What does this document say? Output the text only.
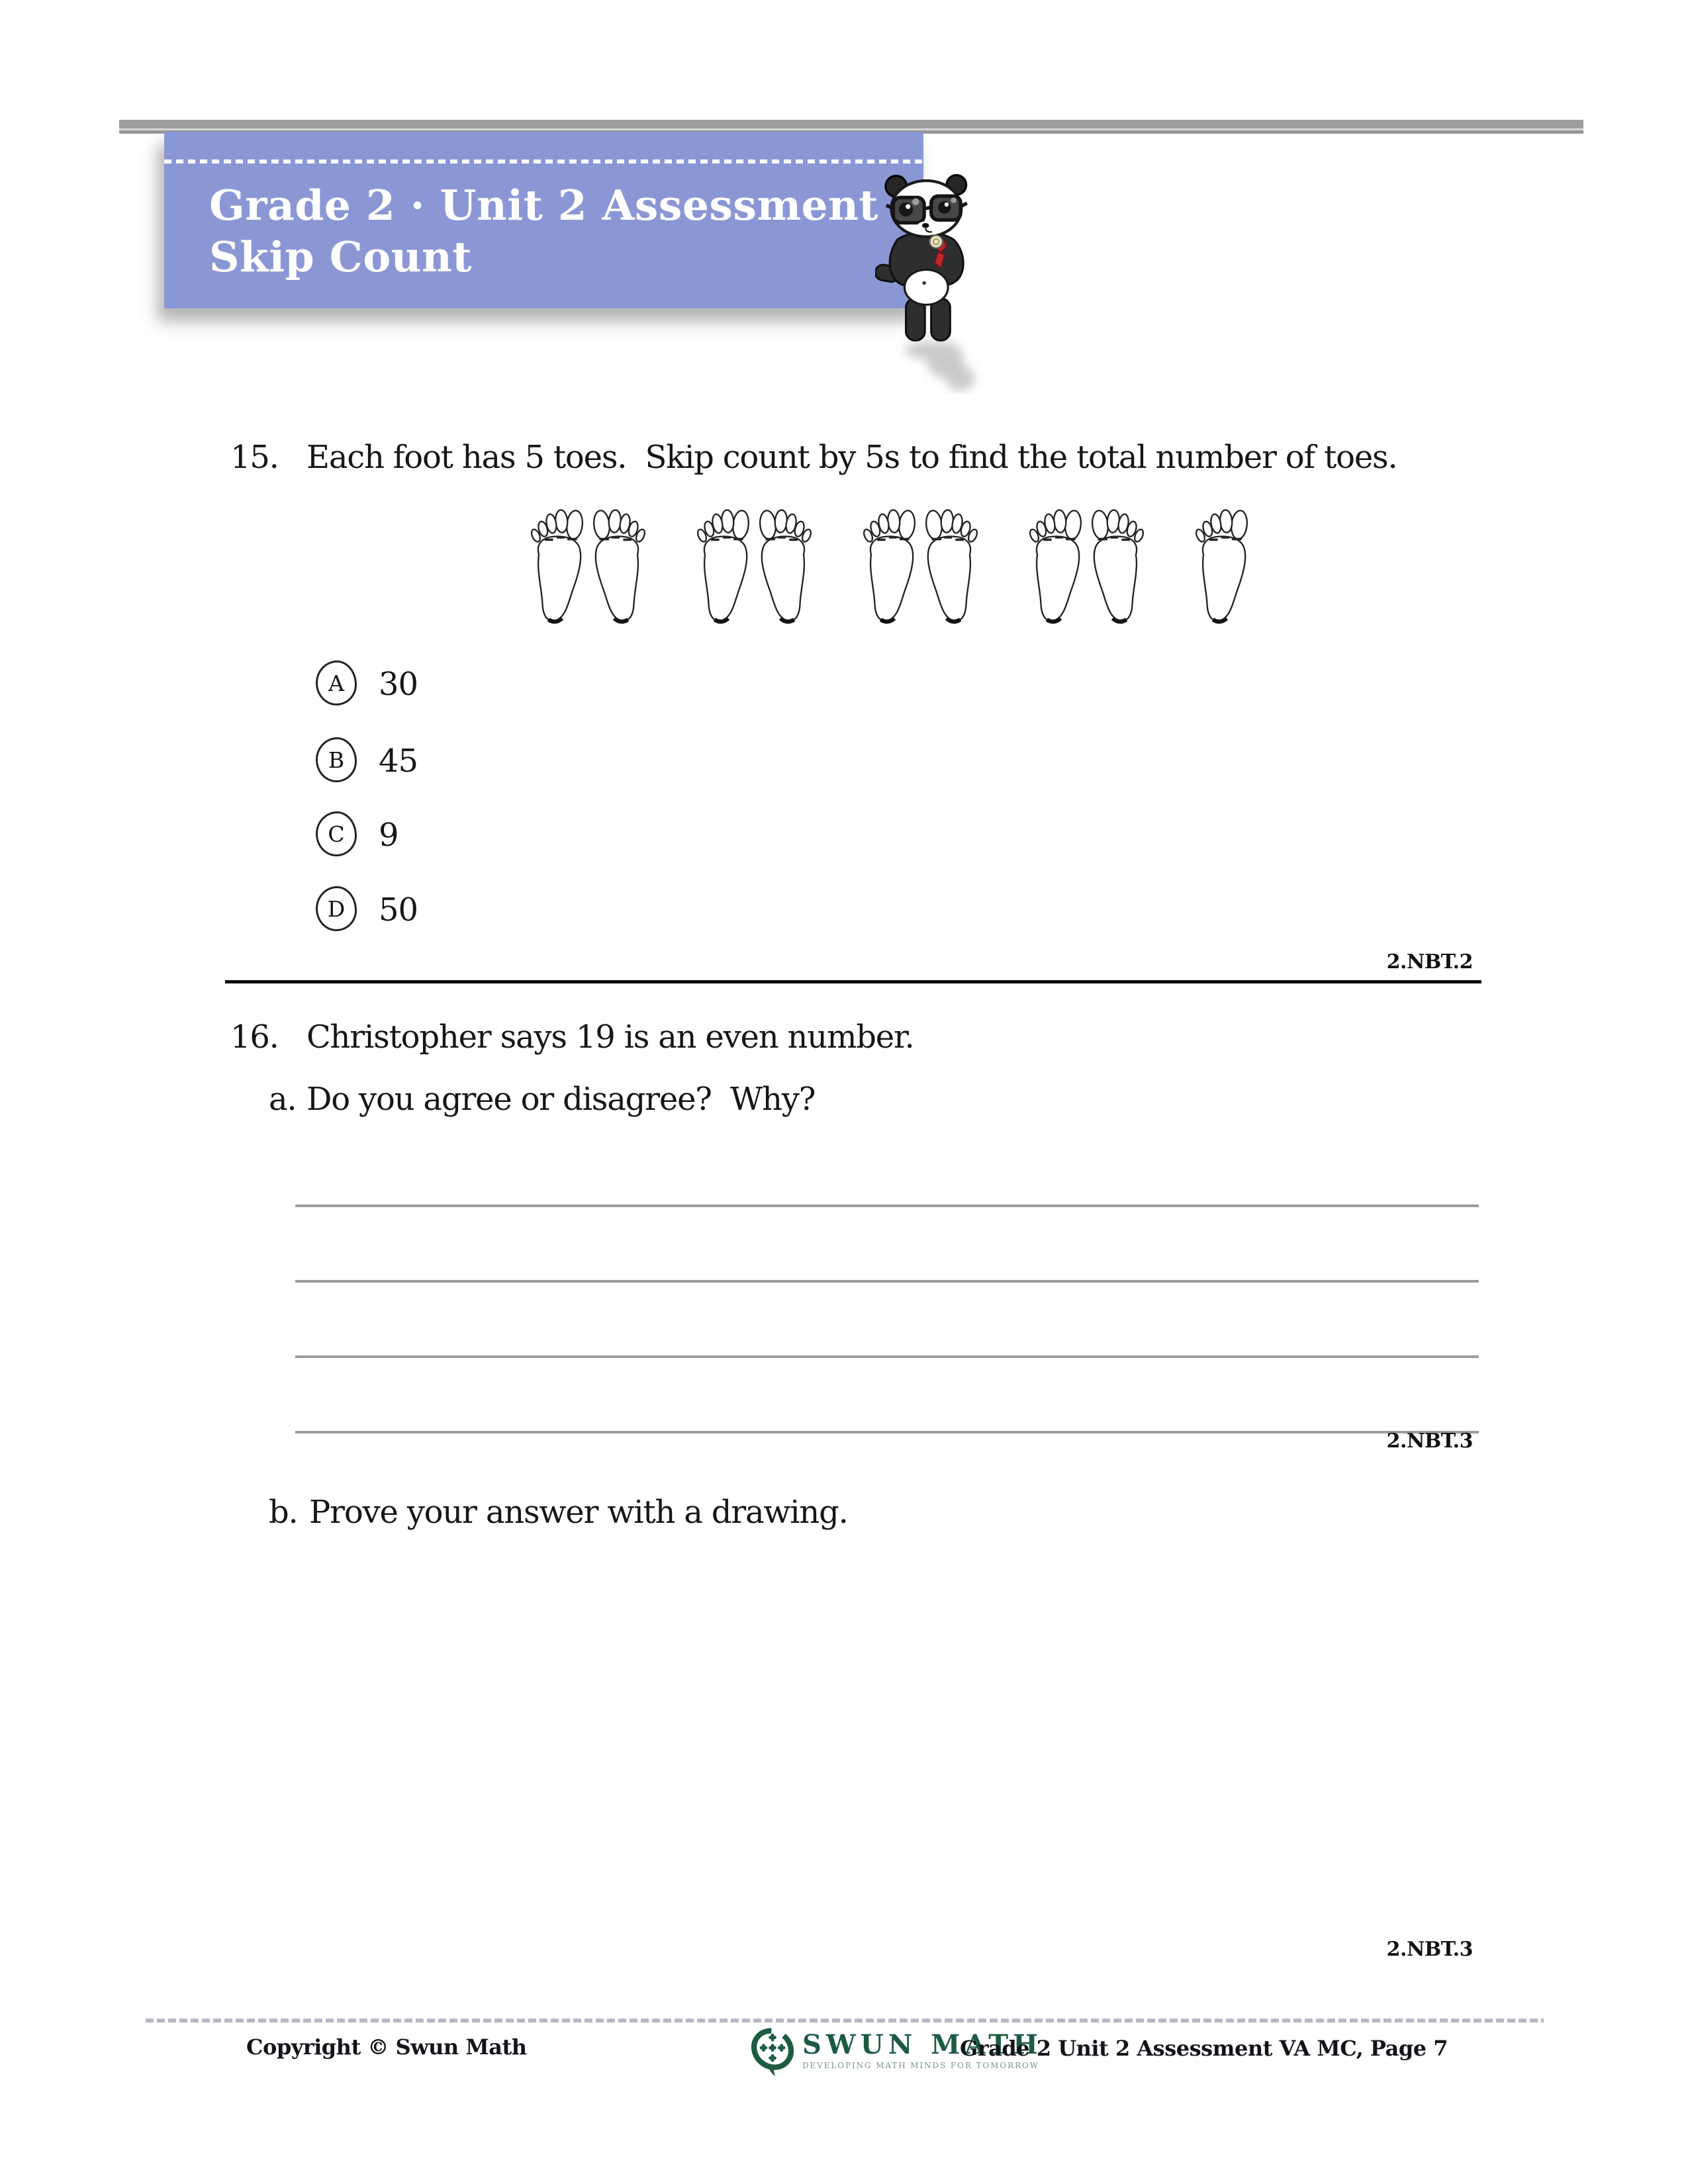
Grade 2 · Unit 2 Assessment
Skip Count
15. Each foot has 5 toes.  Skip count by 5s to find the total number of toes.
A 30
B 45
C 9
D 50
2.NBT.2
16. Christopher says 19 is an even number.
a. Do you agree or disagree?  Why?
2.NBT.3
b. Prove your answer with a drawing.
2.NBT.3
Copyright © Swun Math	SWUN MATH
DEVELOPING MATH MINDS FOR TOMORROW
Grade 2 Unit 2 Assessment VA MC, Page 7
